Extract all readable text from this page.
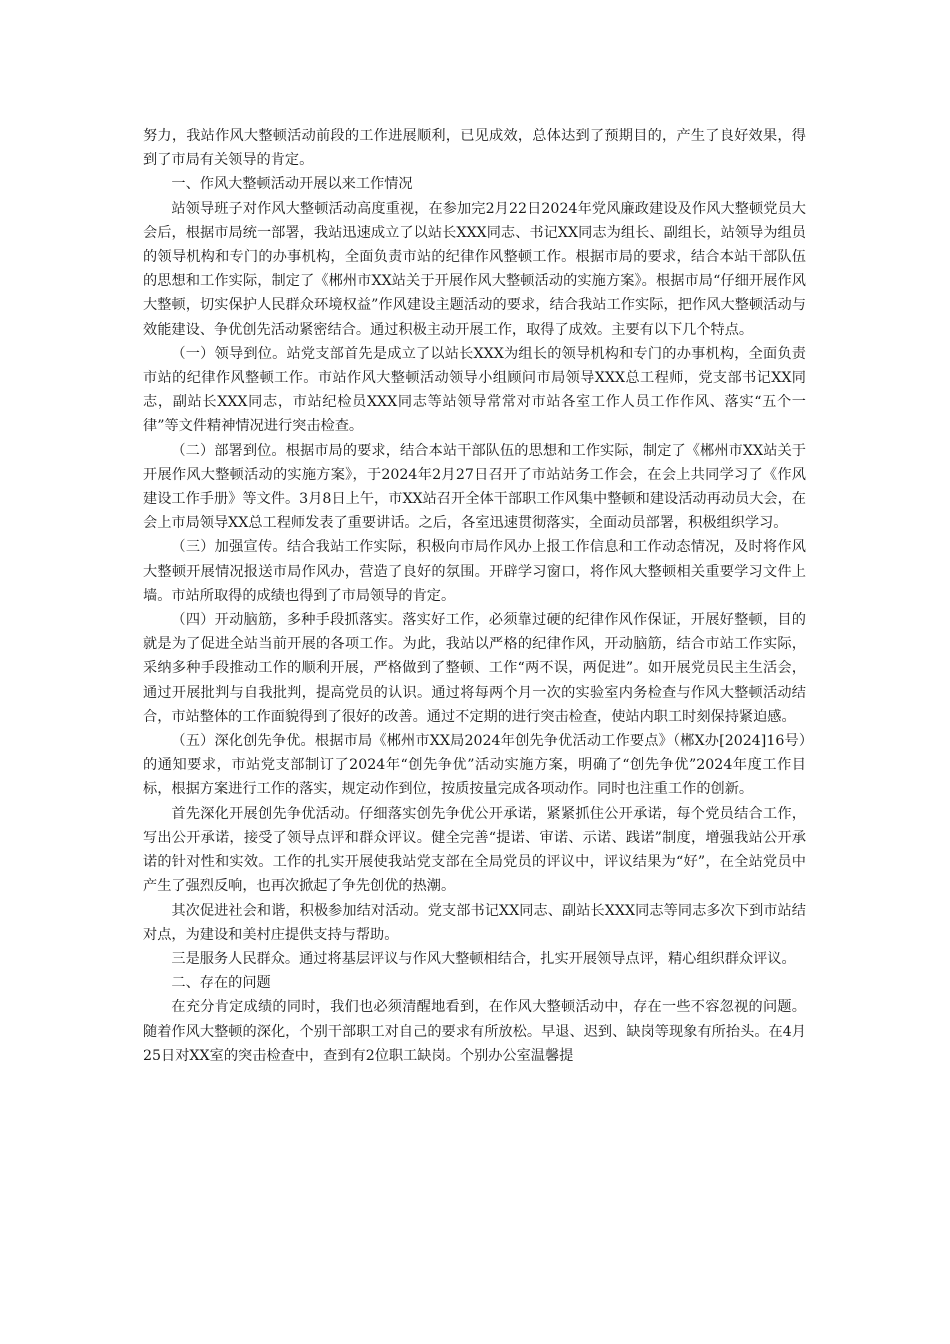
努力，我站作风大整顿活动前段的工作进展顺利，已见成效，总体达到了预期目的，产生了良好效果，得到了市局有关领导的肯定。

一、作风大整顿活动开展以来工作情况

站领导班子对作风大整顿活动高度重视，在参加完2月22日2024年党风廉政建设及作风大整顿党员大会后，根据市局统一部署，我站迅速成立了以站长XXX同志、书记XX同志为组长、副组长，站领导为组员的领导机构和专门的办事机构，全面负责市站的纪律作风整顿工作。根据市局的要求，结合本站干部队伍的思想和工作实际，制定了《郴州市XX站关于开展作风大整顿活动的实施方案》。根据市局“仔细开展作风大整顿，切实保护人民群众环境权益”作风建设主题活动的要求，结合我站工作实际，把作风大整顿活动与效能建设、争优创先活动紧密结合。通过积极主动开展工作，取得了成效。主要有以下几个特点。

（一）领导到位。站党支部首先是成立了以站长XXX为组长的领导机构和专门的办事机构，全面负责市站的纪律作风整顿工作。市站作风大整顿活动领导小组顾问市局领导XXX总工程师，党支部书记XX同志，副站长XXX同志，市站纪检员XXX同志等站领导常常对市站各室工作人员工作作风、落实“五个一律”等文件精神情况进行突击检查。

（二）部署到位。根据市局的要求，结合本站干部队伍的思想和工作实际，制定了《郴州市XX站关于开展作风大整顿活动的实施方案》，于2024年2月27日召开了市站站务工作会，在会上共同学习了《作风建设工作手册》等文件。3月8日上午，市XX站召开全体干部职工作风集中整顿和建设活动再动员大会，在会上市局领导XX总工程师发表了重要讲话。之后，各室迅速贯彻落实，全面动员部署，积极组织学习。

（三）加强宣传。结合我站工作实际，积极向市局作风办上报工作信息和工作动态情况，及时将作风大整顿开展情况报送市局作风办，营造了良好的氛围。开辟学习窗口，将作风大整顿相关重要学习文件上墙。市站所取得的成绩也得到了市局领导的肯定。

（四）开动脑筋，多种手段抓落实。落实好工作，必须靠过硬的纪律作风作保证，开展好整顿，目的就是为了促进全站当前开展的各项工作。为此，我站以严格的纪律作风，开动脑筋，结合市站工作实际，采纳多种手段推动工作的顺利开展，严格做到了整顿、工作“两不误，两促进”。如开展党员民主生活会，通过开展批判与自我批判，提高党员的认识。通过将每两个月一次的实验室内务检查与作风大整顿活动结合，市站整体的工作面貌得到了很好的改善。通过不定期的进行突击检查，使站内职工时刻保持紧迫感。

（五）深化创先争优。根据市局《郴州市XX局2024年创先争优活动工作要点》（郴X办[2024]16号）的通知要求，市站党支部制订了2024年“创先争优”活动实施方案，明确了“创先争优”2024年度工作目标，根据方案进行工作的落实，规定动作到位，按质按量完成各项动作。同时也注重工作的创新。

首先深化开展创先争优活动。仔细落实创先争优公开承诺，紧紧抓住公开承诺，每个党员结合工作，写出公开承诺，接受了领导点评和群众评议。健全完善“提诺、审诺、示诺、践诺”制度，增强我站公开承诺的针对性和实效。工作的扎实开展使我站党支部在全局党员的评议中，评议结果为“好”，在全站党员中产生了强烈反响，也再次掀起了争先创优的热潮。

其次促进社会和谐，积极参加结对活动。党支部书记XX同志、副站长XXX同志等同志多次下到市站结对点，为建设和美村庄提供支持与帮助。

三是服务人民群众。通过将基层评议与作风大整顿相结合，扎实开展领导点评，精心组织群众评议。

二、存在的问题

在充分肯定成绩的同时，我们也必须清醒地看到，在作风大整顿活动中，存在一些不容忽视的问题。随着作风大整顿的深化，个别干部职工对自己的要求有所放松。早退、迟到、缺岗等现象有所抬头。在4月25日对XX室的突击检查中，查到有2位职工缺岗。个别办公室温馨提
